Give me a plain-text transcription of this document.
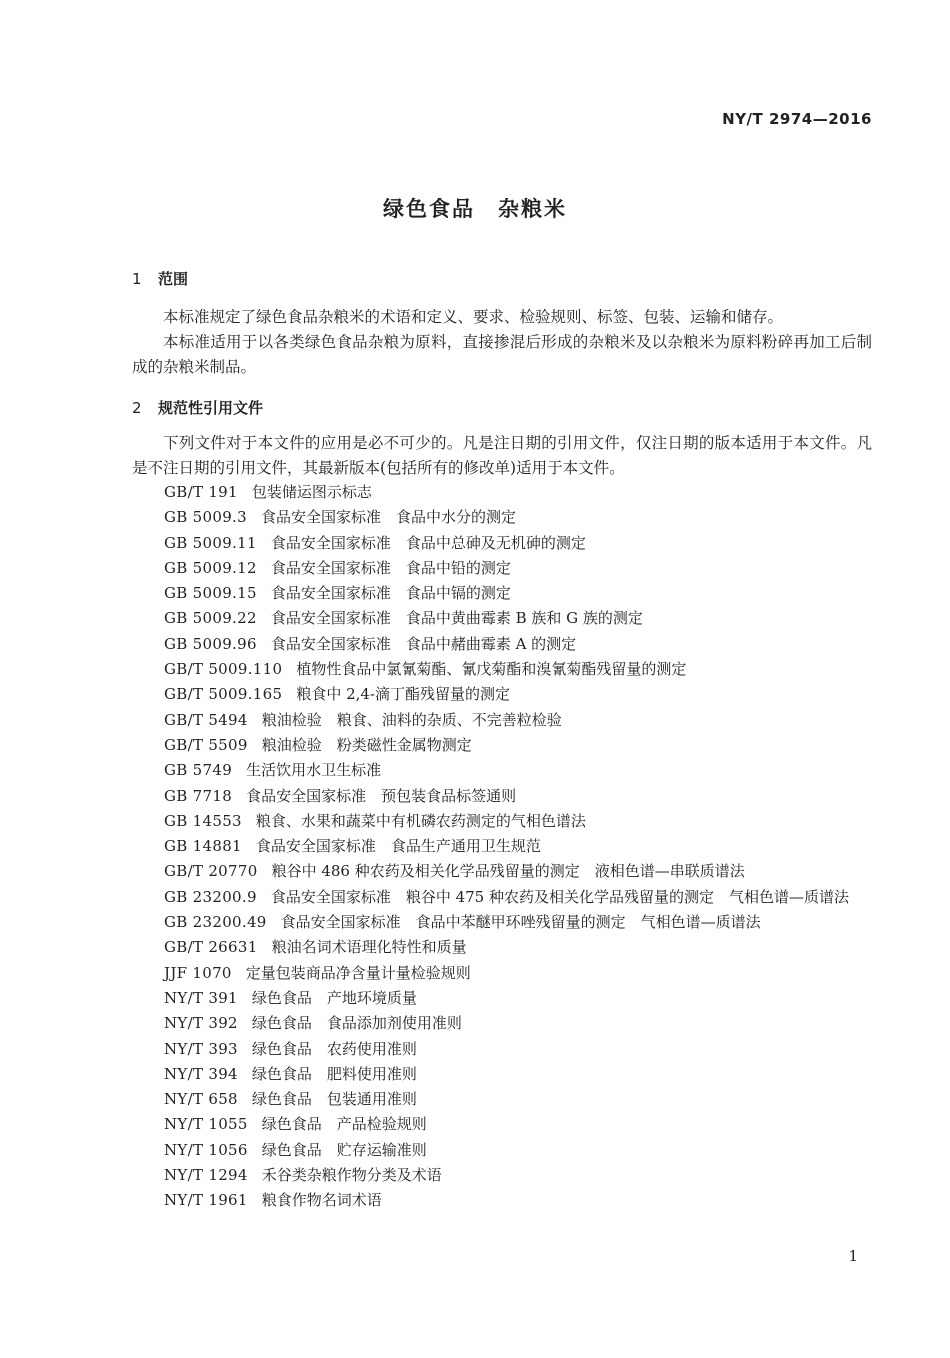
NY/T 2974—2016
绿色食品　杂粮米
1 范围
本标准规定了绿色食品杂粮米的术语和定义、要求、检验规则、标签、包装、运输和储存。
本标准适用于以各类绿色食品杂粮为原料，直接掺混后形成的杂粮米及以杂粮米为原料粉碎再加工后制成的杂粮米制品。
2 规范性引用文件
下列文件对于本文件的应用是必不可少的。凡是注日期的引用文件，仅注日期的版本适用于本文件。凡是不注日期的引用文件，其最新版本(包括所有的修改单)适用于本文件。
GB/T 191 包装储运图示标志
GB 5009.3 食品安全国家标准　食品中水分的测定
GB 5009.11 食品安全国家标准　食品中总砷及无机砷的测定
GB 5009.12 食品安全国家标准　食品中铅的测定
GB 5009.15 食品安全国家标准　食品中镉的测定
GB 5009.22 食品安全国家标准　食品中黄曲霉素 B 族和 G 族的测定
GB 5009.96 食品安全国家标准　食品中赭曲霉素 A 的测定
GB/T 5009.110 植物性食品中氯氰菊酯、氰戊菊酯和溴氰菊酯残留量的测定
GB/T 5009.165 粮食中 2,4-滴丁酯残留量的测定
GB/T 5494 粮油检验　粮食、油料的杂质、不完善粒检验
GB/T 5509 粮油检验　粉类磁性金属物测定
GB 5749 生活饮用水卫生标准
GB 7718 食品安全国家标准　预包装食品标签通则
GB 14553 粮食、水果和蔬菜中有机磷农药测定的气相色谱法
GB 14881 食品安全国家标准　食品生产通用卫生规范
GB/T 20770 粮谷中 486 种农药及相关化学品残留量的测定　液相色谱—串联质谱法
GB 23200.9 食品安全国家标准　粮谷中 475 种农药及相关化学品残留量的测定　气相色谱—质谱法
GB 23200.49 食品安全国家标准　食品中苯醚甲环唑残留量的测定　气相色谱—质谱法
GB/T 26631 粮油名词术语理化特性和质量
JJF 1070 定量包装商品净含量计量检验规则
NY/T 391 绿色食品　产地环境质量
NY/T 392 绿色食品　食品添加剂使用准则
NY/T 393 绿色食品　农药使用准则
NY/T 394 绿色食品　肥料使用准则
NY/T 658 绿色食品　包装通用准则
NY/T 1055 绿色食品　产品检验规则
NY/T 1056 绿色食品　贮存运输准则
NY/T 1294 禾谷类杂粮作物分类及术语
NY/T 1961 粮食作物名词术语
1
